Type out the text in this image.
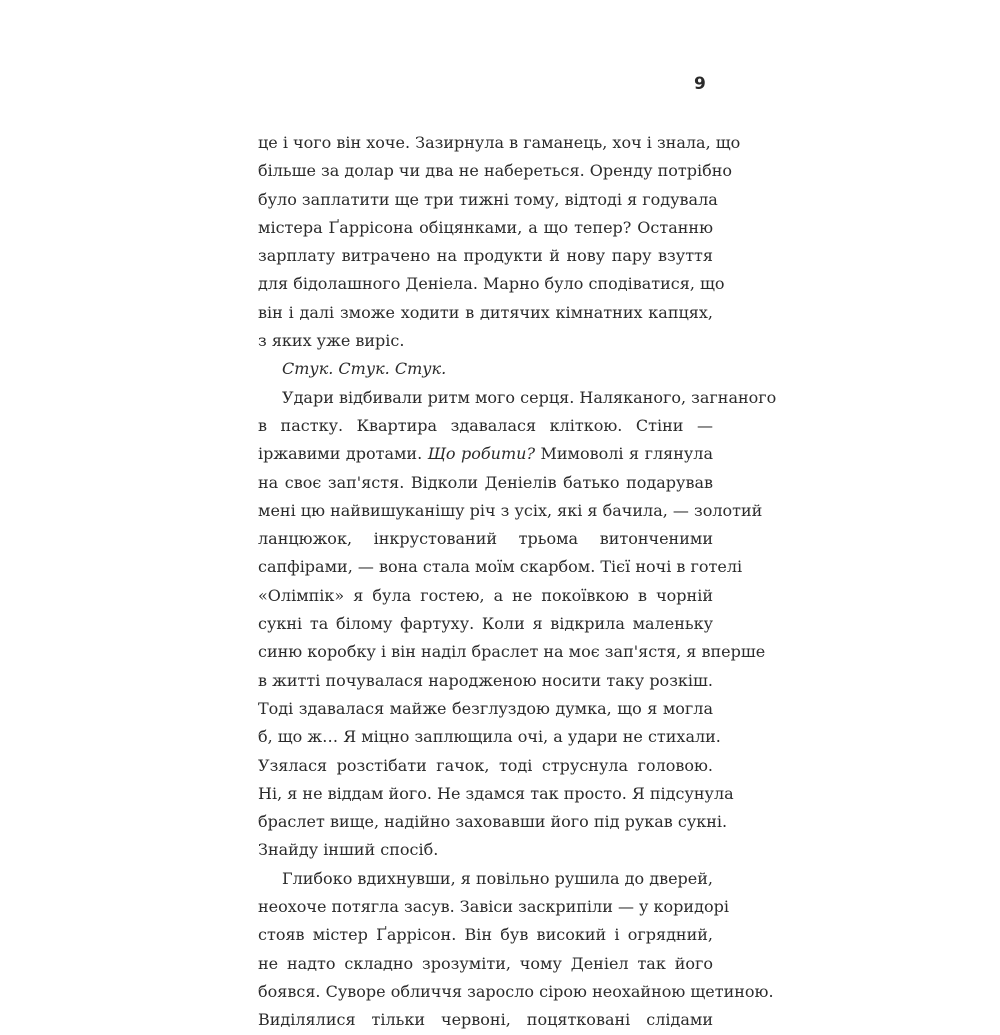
9
це і чого він хоче. Зазирнула в гаманець, хоч і знала, що
більше за долар чи два не набереться. Оренду потрібно
було заплатити ще три тижні тому, відтоді я годувала
містера Ґаррісона обіцянками, а що тепер? Останню
зарплату витрачено на продукти й нову пару взуття
для бідолашного Деніела. Марно було сподіватися, що
він і далі зможе ходити в дитячих кімнатних капцях,
з яких уже виріс.
Стук. Стук. Стук.
Удари відбивали ритм мого серця. Наляканого, загнаного
в пастку. Квартира здавалася кліткою. Стіни —
іржавими дротами. Що робити? Мимоволі я глянула
на своє зап'ястя. Відколи Деніелів батько подарував
мені цю найвишуканішу річ з усіх, які я бачила, — золотий
ланцюжок, інкрустований трьома витонченими
сапфірами, — вона стала моїм скарбом. Тієї ночі в готелі
«Олімпік» я була гостею, а не покоївкою в чорній
сукні та білому фартуху. Коли я відкрила маленьку
синю коробку і він наділ браслет на моє зап'ястя, я вперше
в житті почувалася народженою носити таку розкіш.
Тоді здавалася майже безглуздою думка, що я могла
б, що ж… Я міцно заплющила очі, а удари не стихали.
Узялася розстібати гачок, тоді струснула головою.
Ні, я не віддам його. Не здамся так просто. Я підсунула
браслет вище, надійно заховавши його під рукав сукні.
Знайду інший спосіб.
Глибоко вдихнувши, я повільно рушила до дверей,
неохоче потягла засув. Завіси заскрипіли — у коридорі
стояв містер Ґаррісон. Він був високий і огрядний,
не надто складно зрозуміти, чому Деніел так його
боявся. Суворе обличчя заросло сірою неохайною щетиною.
Виділялися тільки червоні, поцятковані слідами
